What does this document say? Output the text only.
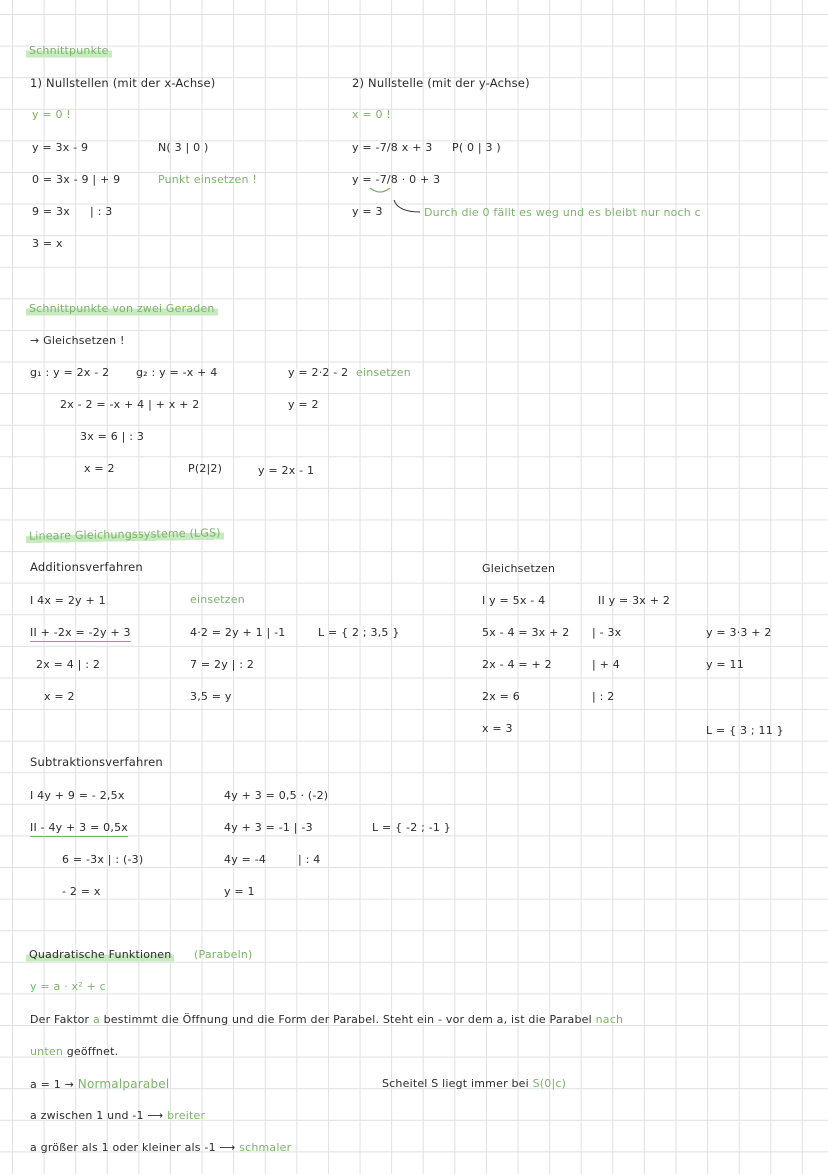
Schnittpunkte
1) Nullstellen (mit der x-Achse)
y = 0 !
y = 3x - 9	N( 3 | 0 )
0 = 3x - 9 | + 9	Punkt einsetzen !
9 = 3x | : 3
3 = x
2) Nullstelle (mit der y-Achse)
x = 0 !
y = -7/8 x + 3 P( 0 | 3 )
y = -7/8 · 0 + 3
y = 3	Durch die 0 fällt es weg und es bleibt nur noch c
Schnittpunkte von zwei Geraden
→ Gleichsetzen !
g₁ : y = 2x - 2 g₂ : y = -x + 4	y = 2·2 - 2 einsetzen
2x - 2 = -x + 4 | + x + 2	y = 2
3x = 6 | : 3
x = 2	P(2|2)	y = 2x - 1
Lineare Gleichungssysteme (LGS)
Additionsverfahren
I 4x = 2y + 1	einsetzen
II + -2x = -2y + 3	4·2 = 2y + 1 | -1	L = { 2 ; 3,5 }
2x = 4 | : 2	7 = 2y | : 2
x = 2	3,5 = y
Subtraktionsverfahren
I 4y + 9 = - 2,5x	4y + 3 = 0,5 · (-2)
II - 4y + 3 = 0,5x	4y + 3 = -1 | -3	L = { -2 ; -1 }
6 = -3x | : (-3)	4y = -4	| : 4
- 2 = x	y = 1
Gleichsetzen
I y = 5x - 4	II y = 3x + 2
5x - 4 = 3x + 2 | - 3x	y = 3·3 + 2
2x - 4 = + 2	| + 4	y = 11
2x = 6	| : 2
x = 3	L = { 3 ; 11 }
Quadratische Funktionen (Parabeln)
y = a · x² + c
Der Faktor a bestimmt die Öffnung und die Form der Parabel. Steht ein - vor dem a, ist die Parabel nach
unten geöffnet.
a = 1 → Normalparabel	Scheitel S liegt immer bei S(0|c)
a zwischen 1 und -1 ⟶ breiter
a größer als 1 oder kleiner als -1 ⟶ schmaler
